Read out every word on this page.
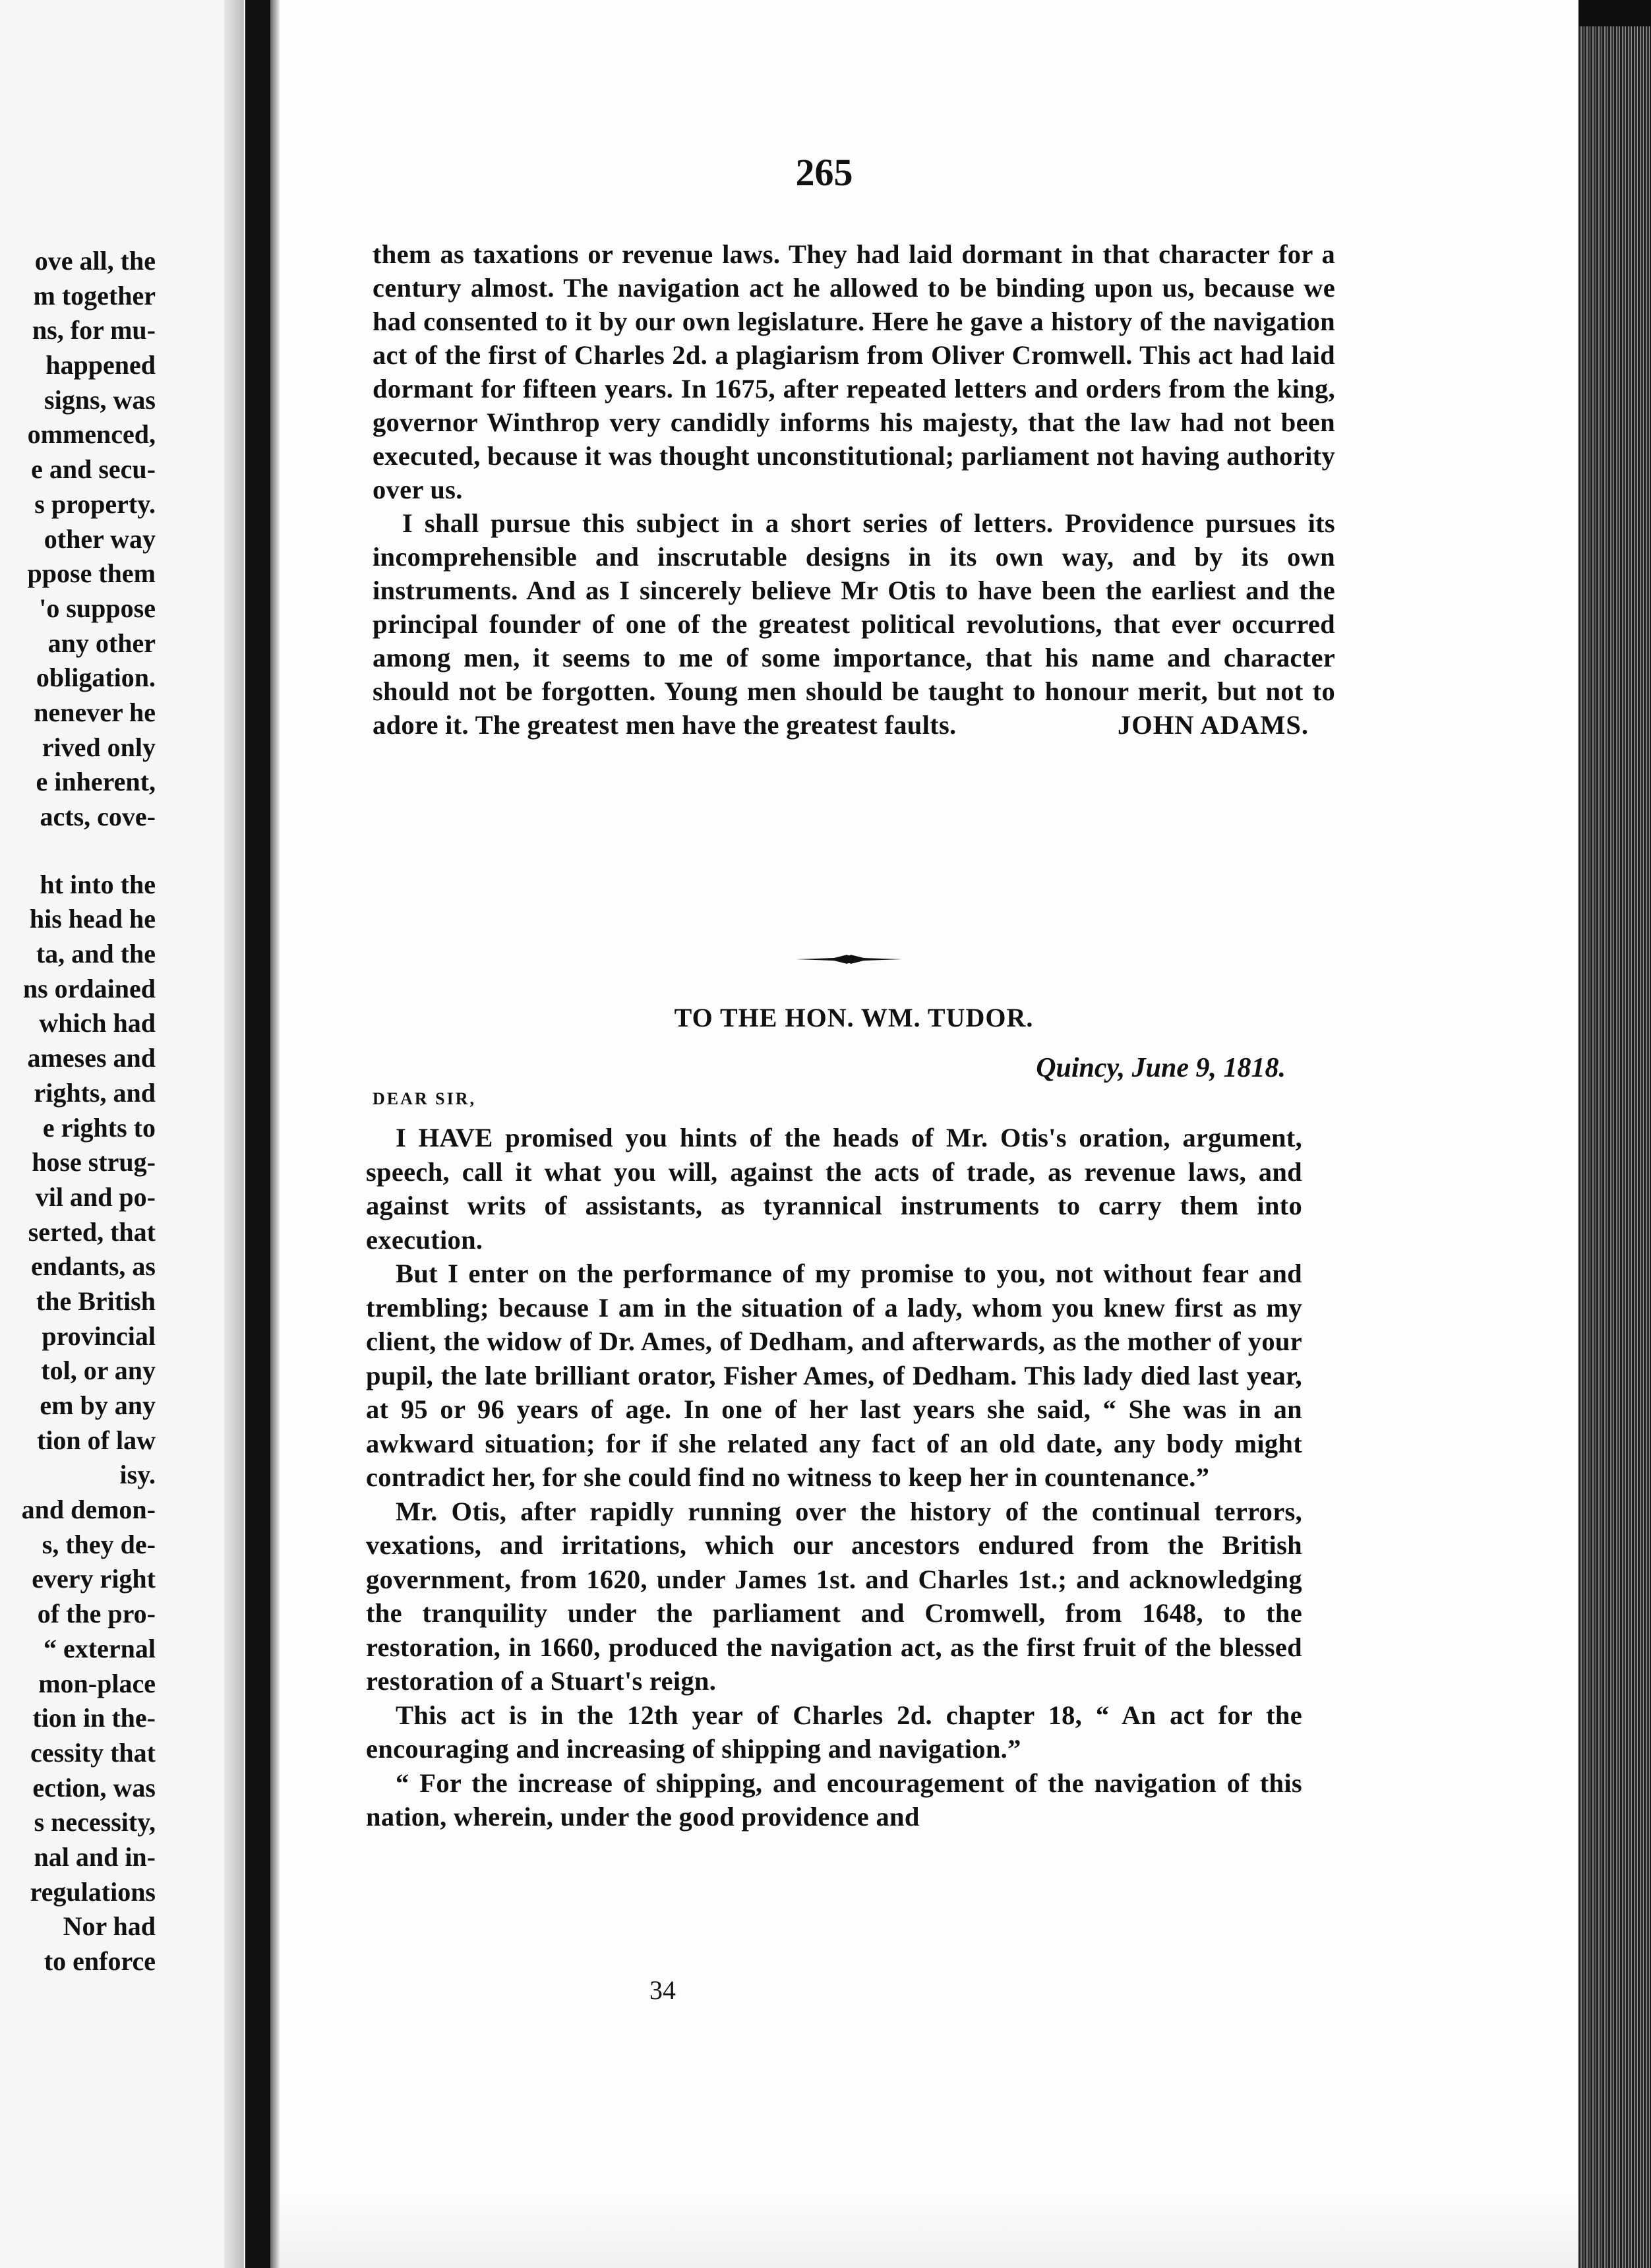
ove all, the
m together
ns, for mu-
happened
signs, was
ommenced,
e and secu-
s property.
other way
ppose them
'o suppose
any other
obligation.
nenever he
rived only
e inherent,
acts, cove-
ht into the
his head he
ta, and the
ns ordained
which had
ameses and
rights, and
e rights to
hose strug-
vil and po-
serted, that
endants, as
the British
provincial
tol, or any
em by any
tion of law
isy.
and demon-
s, they de-
every right
of the pro-
“ external
mon-place
tion in the-
cessity that
ection, was
s necessity,
nal and in-
regulations
Nor had
to enforce

265

them as taxations or revenue laws. They had laid dormant in that character for a century almost. The navigation act he allowed to be binding upon us, because we had consented to it by our own legislature. Here he gave a history of the navigation act of the first of Charles 2d. a plagiarism from Oliver Cromwell. This act had laid dormant for fifteen years. In 1675, after repeated letters and orders from the king, governor Winthrop very candidly informs his majesty, that the law had not been executed, because it was thought unconstitutional; parliament not having authority over us.

I shall pursue this subject in a short series of letters. Providence pursues its incomprehensible and inscrutable designs in its own way, and by its own instruments. And as I sincerely believe Mr Otis to have been the earliest and the principal founder of one of the greatest political revolutions, that ever occurred among men, it seems to me of some importance, that his name and character should not be forgotten. Young men should be taught to honour merit, but not to adore it. The greatest men have the greatest faults.	JOHN ADAMS.

TO THE HON. WM. TUDOR.

Quincy, June 9, 1818.

DEAR SIR,

I HAVE promised you hints of the heads of Mr. Otis's oration, argument, speech, call it what you will, against the acts of trade, as revenue laws, and against writs of assistants, as tyrannical instruments to carry them into execution.

But I enter on the performance of my promise to you, not without fear and trembling; because I am in the situation of a lady, whom you knew first as my client, the widow of Dr. Ames, of Dedham, and afterwards, as the mother of your pupil, the late brilliant orator, Fisher Ames, of Dedham. This lady died last year, at 95 or 96 years of age. In one of her last years she said, “ She was in an awkward situation; for if she related any fact of an old date, any body might contradict her, for she could find no witness to keep her in countenance.”

Mr. Otis, after rapidly running over the history of the continual terrors, vexations, and irritations, which our ancestors endured from the British government, from 1620, under James 1st. and Charles 1st.; and acknowledging the tranquility under the parliament and Cromwell, from 1648, to the restoration, in 1660, produced the navigation act, as the first fruit of the blessed restoration of a Stuart's reign.

This act is in the 12th year of Charles 2d. chapter 18, “ An act for the encouraging and increasing of shipping and navigation.”

“ For the increase of shipping, and encouragement of the navigation of this nation, wherein, under the good providence and

34
